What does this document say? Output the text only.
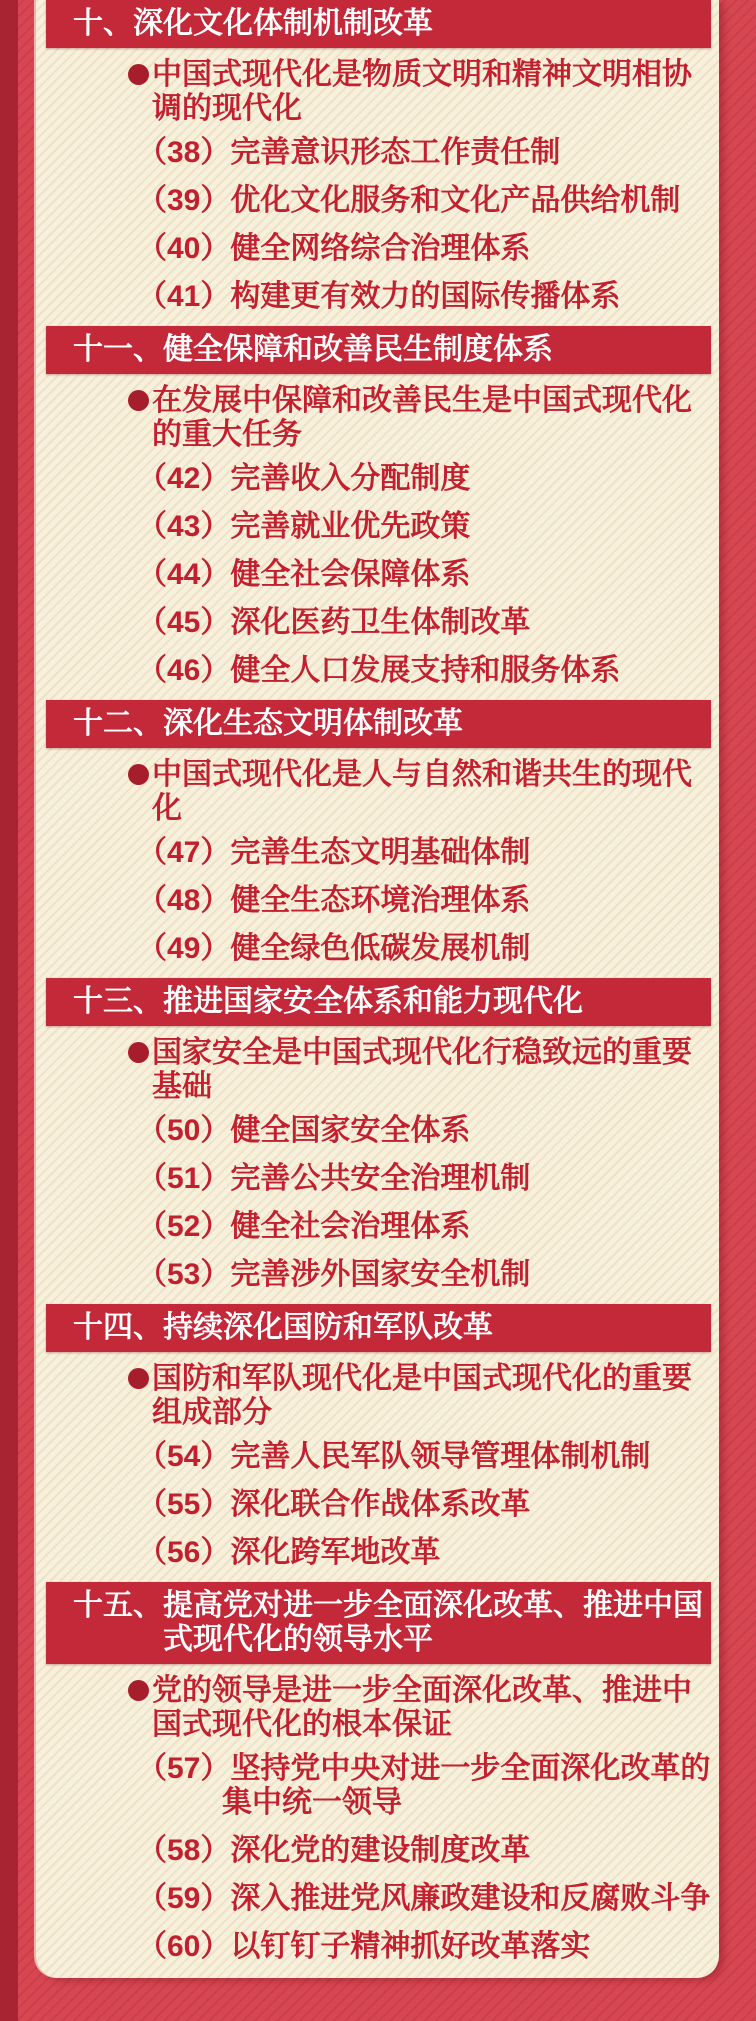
十、深化文化体制机制改革

中国式现代化是物质文明和精神文明相协调的现代化

（38）完善意识形态工作责任制
（39）优化文化服务和文化产品供给机制
（40）健全网络综合治理体系
（41）构建更有效力的国际传播体系
十一、健全保障和改善民生制度体系

在发展中保障和改善民生是中国式现代化的重大任务

（42）完善收入分配制度
（43）完善就业优先政策
（44）健全社会保障体系
（45）深化医药卫生体制改革
（46）健全人口发展支持和服务体系
十二、深化生态文明体制改革

中国式现代化是人与自然和谐共生的现代化

（47）完善生态文明基础体制
（48）健全生态环境治理体系
（49）健全绿色低碳发展机制
十三、推进国家安全体系和能力现代化

国家安全是中国式现代化行稳致远的重要基础

（50）健全国家安全体系
（51）完善公共安全治理机制
（52）健全社会治理体系
（53）完善涉外国家安全机制
十四、持续深化国防和军队改革

国防和军队现代化是中国式现代化的重要组成部分

（54）完善人民军队领导管理体制机制
（55）深化联合作战体系改革
（56）深化跨军地改革
十五、提高党对进一步全面深化改革、推进中国式现代化的领导水平

党的领导是进一步全面深化改革、推进中国式现代化的根本保证

（57）坚持党中央对进一步全面深化改革的集中统一领导
（58）深化党的建设制度改革
（59）深入推进党风廉政建设和反腐败斗争
（60）以钉钉子精神抓好改革落实
